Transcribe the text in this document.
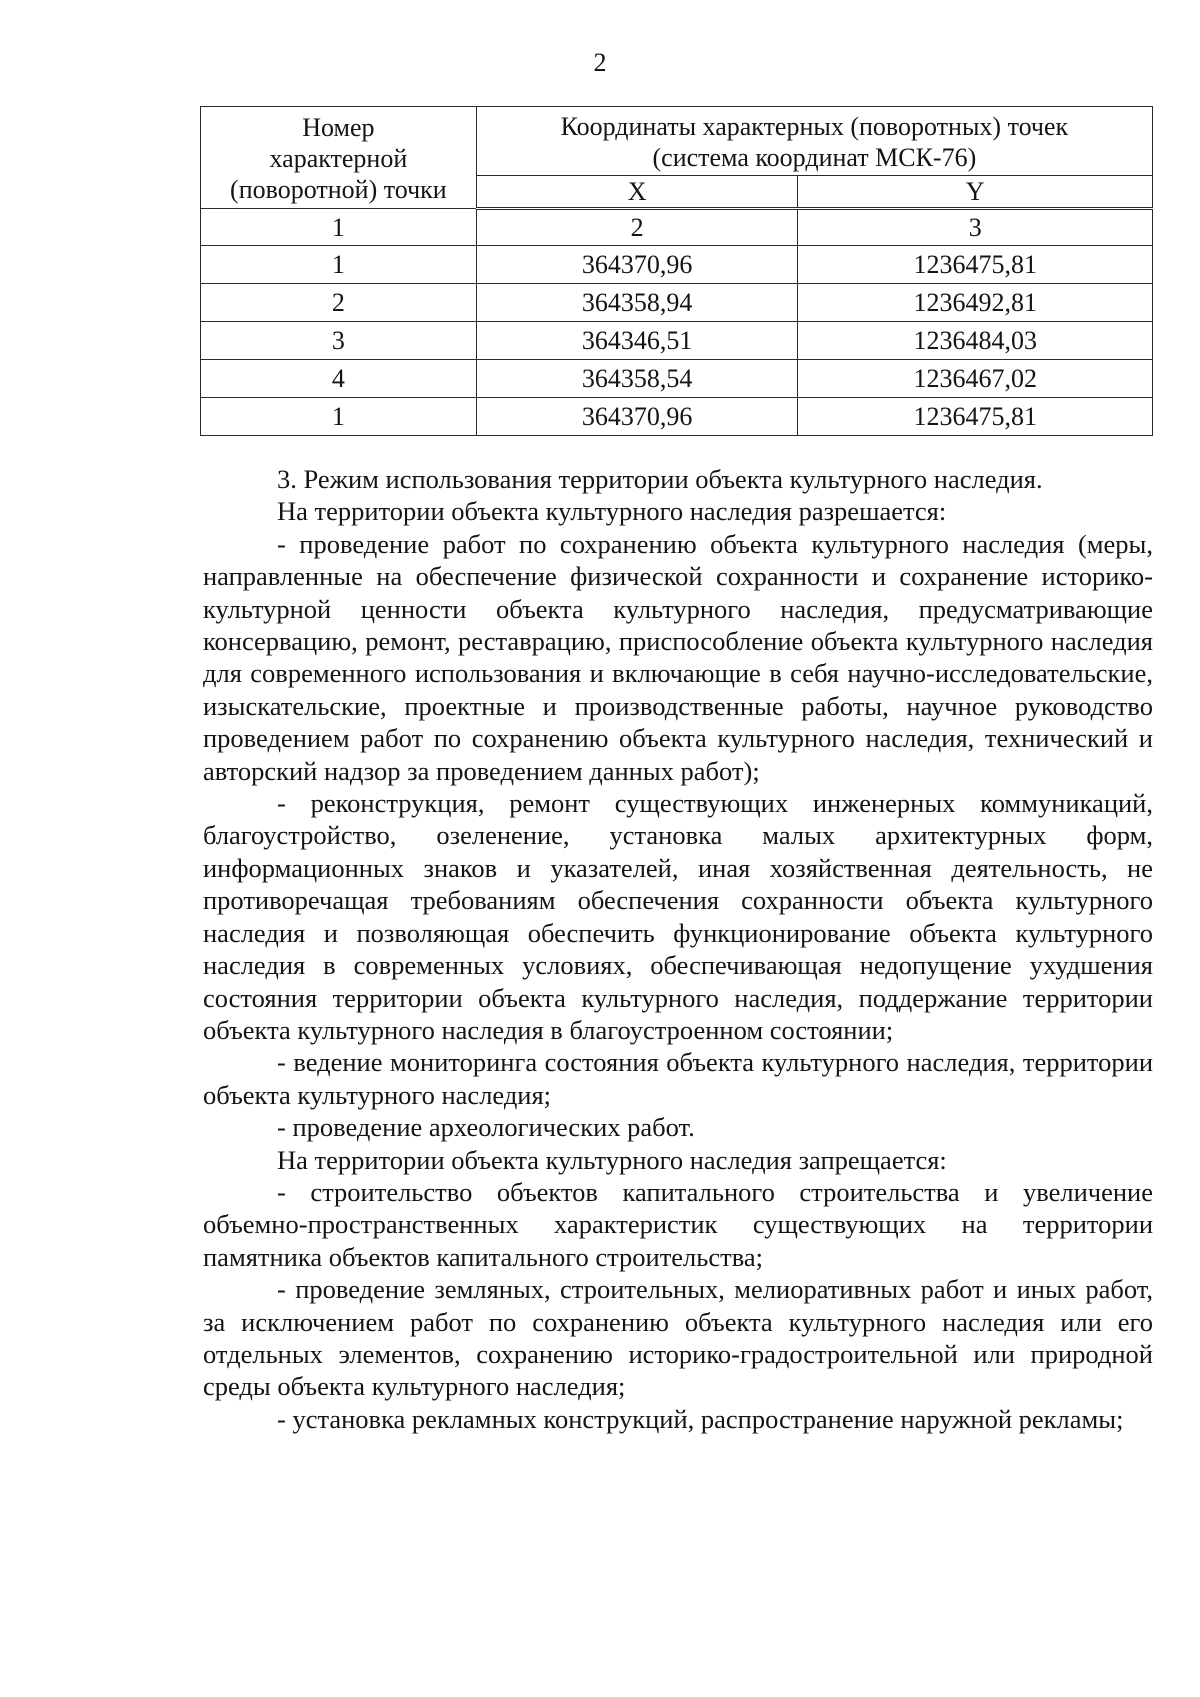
2
Номер
характерной
(поворотной) точки	Координаты характерных (поворотных) точек
(система координат МСК-76)	
	X	Y
1	2	3
1	364370,96	1236475,81
2	364358,94	1236492,81
3	364346,51	1236484,03
4	364358,54	1236467,02
1	364370,96	1236475,81

3. Режим использования территории объекта культурного наследия.

На территории объекта культурного наследия разрешается:

- проведение работ по сохранению объекта культурного наследия (меры, направленные на обеспечение физической сохранности и сохранение историко-культурной ценности объекта культурного наследия, предусматривающие консервацию, ремонт, реставрацию, приспособление объекта культурного наследия для современного использования и включающие в себя научно-исследовательские, изыскательские, проектные и производственные работы, научное руководство проведением работ по сохранению объекта культурного наследия, технический и авторский надзор за проведением данных работ);

- реконструкция, ремонт существующих инженерных коммуникаций, благоустройство, озеленение, установка малых архитектурных форм, информационных знаков и указателей, иная хозяйственная деятельность, не противоречащая требованиям обеспечения сохранности объекта культурного наследия и позволяющая обеспечить функционирование объекта культурного наследия в современных условиях, обеспечивающая недопущение ухудшения состояния территории объекта культурного наследия, поддержание территории объекта культурного наследия в благоустроенном состоянии;

- ведение мониторинга состояния объекта культурного наследия, территории объекта культурного наследия;

- проведение археологических работ.

На территории объекта культурного наследия запрещается:

- строительство объектов капитального строительства и увеличение объемно-пространственных характеристик существующих на территории памятника объектов капитального строительства;

- проведение земляных, строительных, мелиоративных работ и иных работ, за исключением работ по сохранению объекта культурного наследия или его отдельных элементов, сохранению историко-градостроительной или природной среды объекта культурного наследия;

- установка рекламных конструкций, распространение наружной рекламы;
